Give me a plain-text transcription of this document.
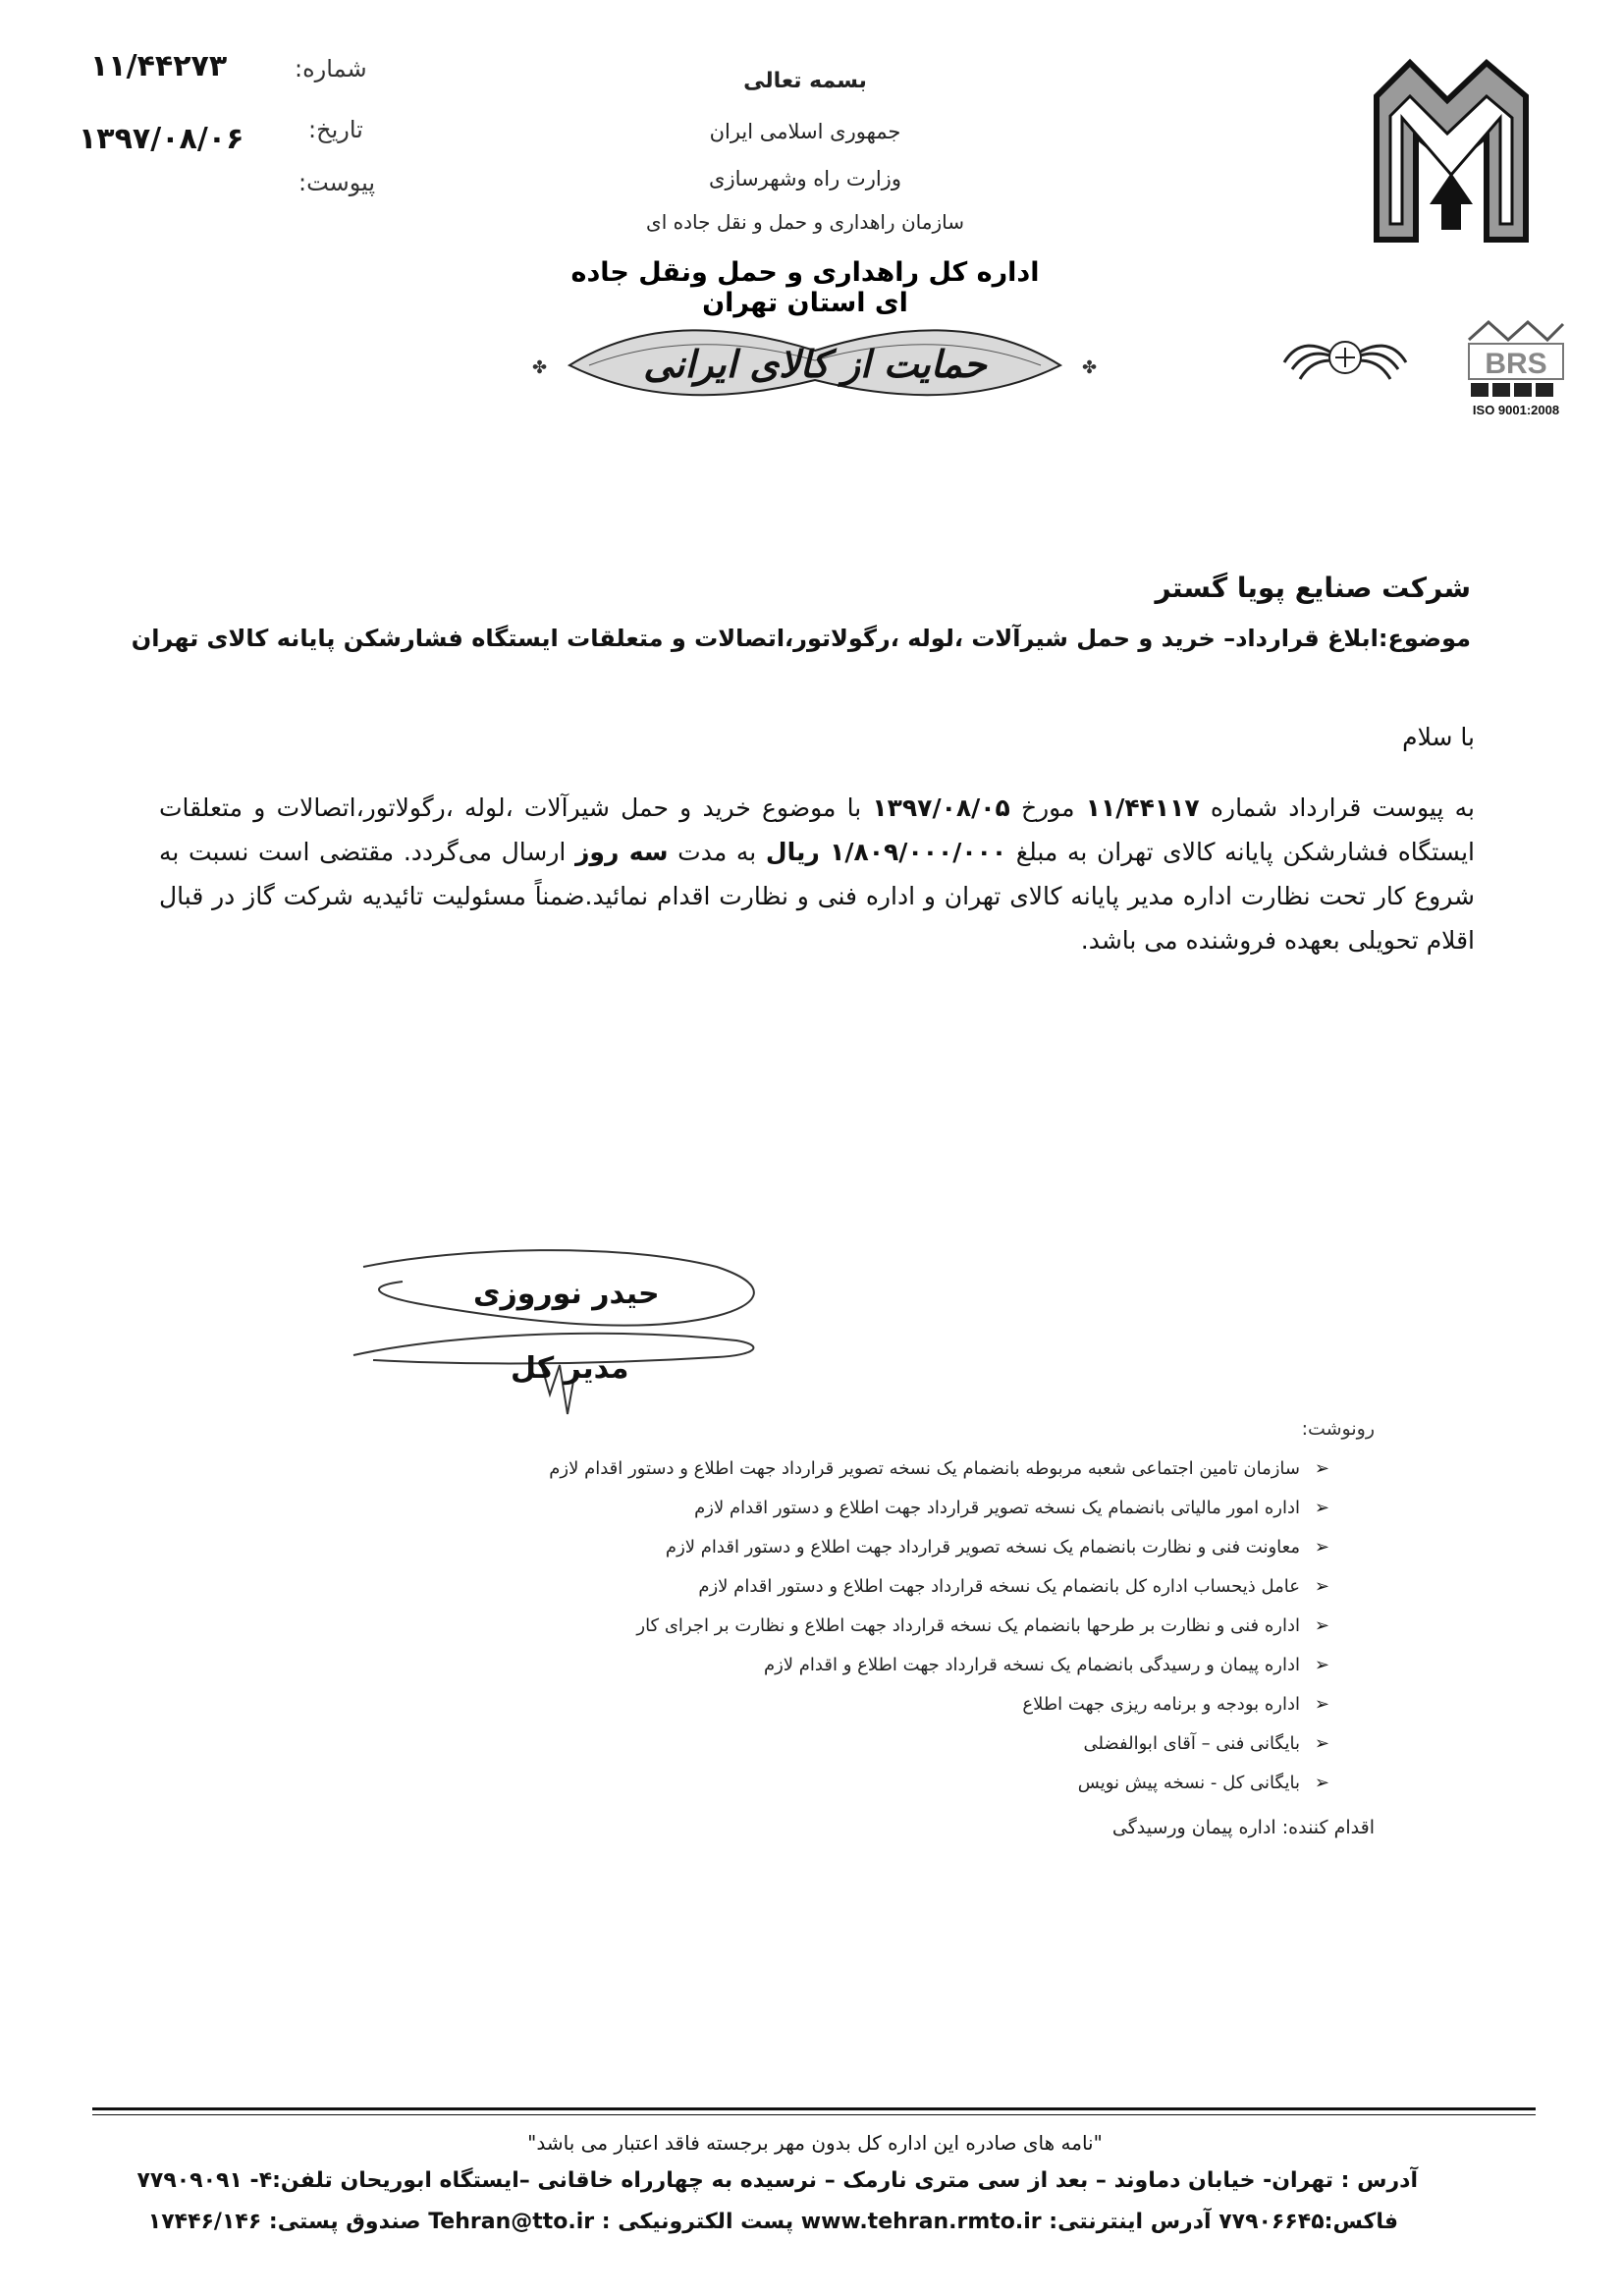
شماره:
۱۱/۴۴۲۷۳
تاریخ:
۱۳۹۷/۰۸/۰۶
پیوست:
بسمه تعالی
جمهوری اسلامی ایران
وزارت راه وشهرسازی
سازمان راهداری و حمل و نقل جاده ای
اداره کل راهداری و حمل ونقل جاده ای استان تهران
✤	✤
حمایت از کالای ایرانی	BRS
ISO 9001:2008
شرکت صنایع پویا گستر
موضوع:ابلاغ قرارداد– خرید و حمل شیرآلات ،لوله ،رگولاتور،اتصالات و متعلقات ایستگاه فشارشکن پایانه کالای تهران
با سلام
به پیوست قرارداد شماره ۱۱/۴۴۱۱۷ مورخ ۱۳۹۷/۰۸/۰۵ با موضوع خرید و حمل شیرآلات ،لوله ،رگولاتور،اتصالات و متعلقات ایستگاه فشارشکن پایانه کالای تهران به مبلغ ۱/۸۰۹/۰۰۰/۰۰۰ ریال به مدت سه روز ارسال می‌گردد. مقتضی است نسبت به شروع کار تحت نظارت اداره مدیر پایانه کالای تهران و اداره فنی و نظارت اقدام نمائید.ضمناً مسئولیت تائیدیه شرکت گاز در قبال اقلام تحویلی بعهده فروشنده می باشد.
حیدر نوروزی
مدیر کل
رونوشت:
➢
سازمان تامین اجتماعی شعبه مربوطه بانضمام یک نسخه تصویر قرارداد جهت اطلاع و دستور اقدام لازم
➢
اداره امور مالیاتی بانضمام یک نسخه تصویر قرارداد جهت اطلاع و دستور اقدام لازم
➢
معاونت فنی و نظارت بانضمام یک نسخه تصویر قرارداد جهت اطلاع و دستور اقدام لازم
➢
عامل ذیحساب اداره کل بانضمام یک نسخه قرارداد جهت اطلاع و دستور اقدام لازم
➢
اداره فنی و نظارت بر طرحها بانضمام یک نسخه قرارداد جهت اطلاع و نظارت بر اجرای کار
➢
اداره پیمان و رسیدگی بانضمام یک نسخه قرارداد جهت اطلاع و اقدام لازم
➢
اداره بودجه و برنامه ریزی جهت اطلاع
➢
بایگانی فنی – آقای ابوالفضلی
➢
بایگانی کل - نسخه پیش نویس
اقدام کننده: اداره پیمان ورسیدگی
"نامه های صادره این اداره کل بدون مهر برجسته فاقد اعتبار می باشد"
آدرس : تهران- خیابان دماوند – بعد از سی متری نارمک – نرسیده به چهارراه خاقانی –ایستگاه ابوریحان تلفن:۴- ۷۷۹۰۹۰۹۱
فاکس:۷۷۹۰۶۶۴۵ آدرس اینترنتی: www.tehran.rmto.ir پست الکترونیکی : Tehran@tto.ir صندوق پستی: ۱۷۴۴۶/۱۴۶
